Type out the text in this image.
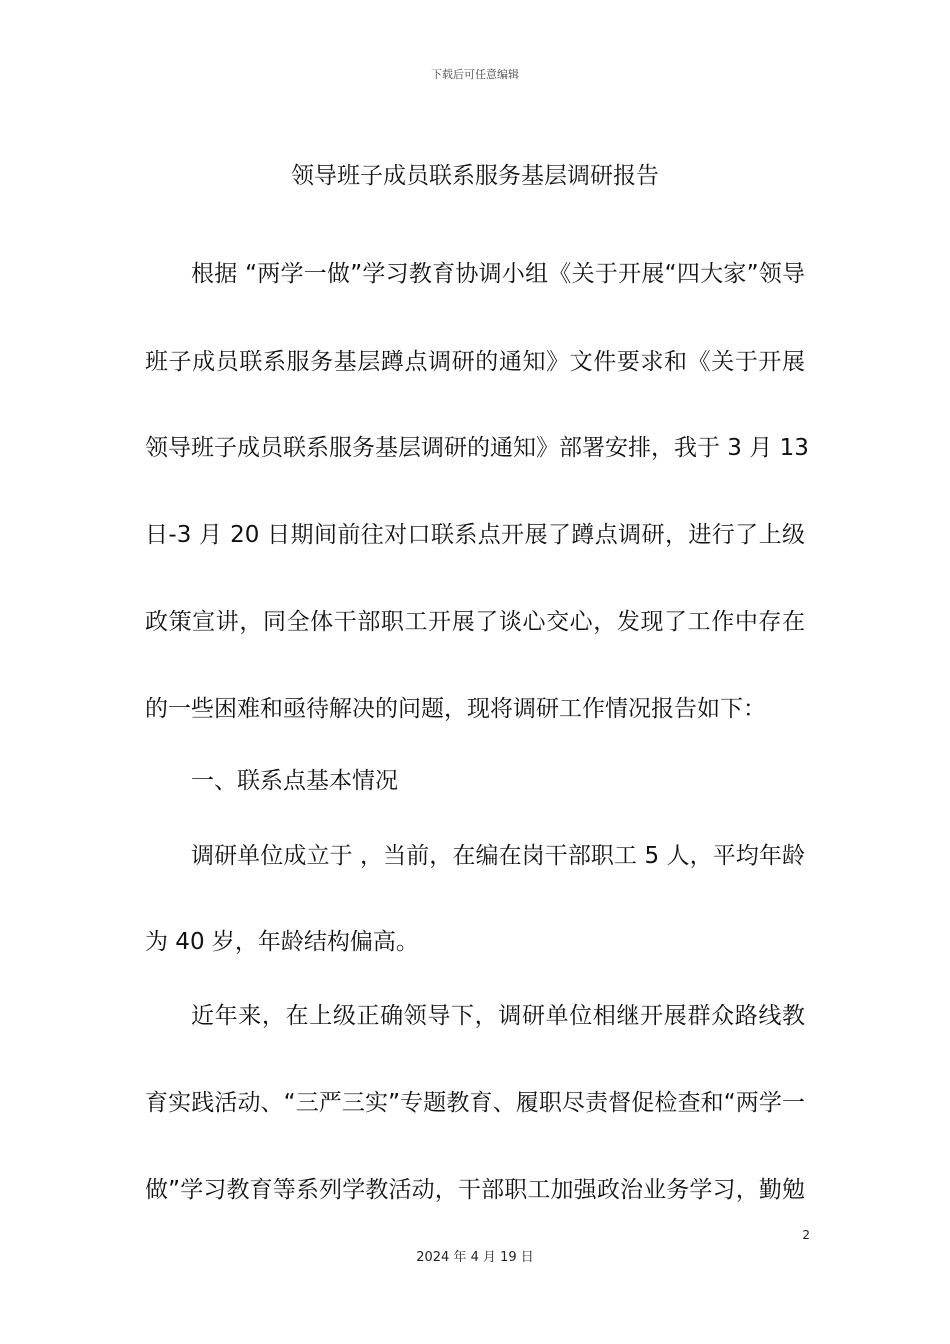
下载后可任意编辑
领导班子成员联系服务基层调研报告
根据 “两学一做”学习教育协调小组《关于开展“四大家”领导
班子成员联系服务基层蹲点调研的通知》文件要求和《关于开展
领导班子成员联系服务基层调研的通知》部署安排，我于 3 月 13
日-3 月 20 日期间前往对口联系点开展了蹲点调研，进行了上级
政策宣讲，同全体干部职工开展了谈心交心，发现了工作中存在
的一些困难和亟待解决的问题，现将调研工作情况报告如下：
一、联系点基本情况
调研单位成立于 ，当前，在编在岗干部职工 5 人，平均年龄
为 40 岁，年龄结构偏高。
近年来，在上级正确领导下，调研单位相继开展群众路线教
育实践活动、“三严三实”专题教育、履职尽责督促检查和“两学一
做”学习教育等系列学教活动，干部职工加强政治业务学习，勤勉
2
2024 年 4 月 19 日
